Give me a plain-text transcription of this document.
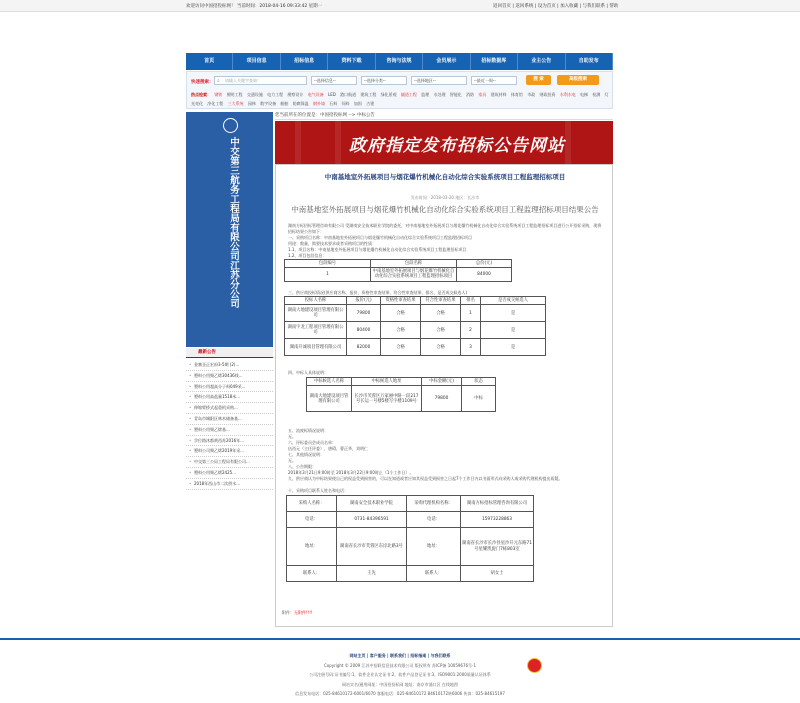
欢迎访问中国招投标网！ 当前时间：2018-04-16 09:33:42 星期一	返回首页 | 返回系统 | 设为首页 | 加入收藏 | 与我们联系 | 帮助
首页	项目信息	招标信息	资料下载	咨询与法规	会员展示	招标数据库	业主公告	自助发布
快速搜索：	⌕ 请输入关键字查询！	--选择信息--	--选择分类--	--选择地区--	--最近一周--	搜 索	高级搜索
热点检索： 钢铁 照明工程 交通设施 电力工程 勘察设计 电气设备 LED 港口航道 建筑工程 绿化景观 隧道工程 监理 水处理 智能化 消防 家具 建筑材料 体育馆 市政 财政投资 水利水电 电梯 检测 灯光亮化 净化工程 三大系统 园林 数字设备 船舶 防腐保温 钢外墙 石料 饲料 加固 古建
中交第三航务工程局有限公司江苏分公司
最新公告
• 金寨圣正宏府3-5期 (2)...
• 塑料公用聚乙烯30436线...
• 塑料公用超高分子料049采...
• 塑料公用高盐量1518米...
• 伸缩臂桥式起重机采购...
• 青岛市城阳区林木储备基...
• 塑料公用聚乙烯基...
• 学位路沐都黄西苏2016年...
• 塑料公司聚乙烯2019年采...
• 中交第三公局工程局有限公司...
• 塑料公用聚乙烯2425...
• 2018年西山市二次供水...
您当前所在的位置是：中国招投标网 --> 中标公告
政府指定发布招标公告网站
中南基地室外拓展项目与烟花爆竹机械化自动化综合实验系统项目工程监理招标项目
发布时间：2018-03-20 地区：长沙市
中南基地室外拓展项目与烟花爆竹机械化自动化综合实验系统项目工程监理招标项目结果公告
湖南方标招标管理咨询有限公司 受湖南安全技术职业学院的委托，对中南基地室外拓展项目与烟花爆竹机械化自动化综合实验系统项目工程监理招标项目进行公开招标采购，现将招标结果公告如下：
一、采购项目名称：中南基地室外拓展项目与烟花爆竹机械化自动化综合实验系统项目工程监理招标项目
用途：数量，简要技术要求或者采购项目的性质：
1.1、项目名称：中南基地室外拓展项目与烟花爆竹机械化自动化综合实验系统项目工程监理招标项目
1.2、项目包段信息：
包段编号	包段名称	总价(元)
1	中南基地室外拓展项目与烟花爆竹机械化自动化综合实验系统项目工程监理招标项目	84000
三、供应商投标情况(供应商名称、报价，资格性审查结果、符合性审查结果、排名、是否成交候选人)
投标人名称	报价(元)	资格性审查结果	符合性审查结果	排名	是否成交候选人
湖南大地建设项目管理有限公司	79800	合格	合格	1	是
湖南宇龙工程项目管理有限公司	80400	合格	合格	2	是
湖南开诚项目管理有限公司	82000	合格	合格	3	是
四、中标人具体说明：
中标候选人名称	中标候选人地址	中标金额(元)	状态
湖南大地建设项目管理有限公司	长沙市芙蓉区万家丽中路一段217号长运一号楼5楼写字楼1109号	79800	中标
五、流废标情况说明：
无。
六、评标委员会成员名单：
伍西元（主任评委），唐碍，曹正华，刘明仁
七、其他情况说明：
无。
八、公告期限：
2018年3月21日9:00时至 2018年3月22日9:00时止（1个工作日）。
九、供应商认为中标结果使自己的权益受到损害的，可以在知道或者应知其权益受到损害之日起7个工作日内以书面形式向采购人或采购代理机构提出质疑。
十、采购项目联系人姓名和电话：
采购人名称：	湖南安全技术职业学院	采购代理机构名称：	湖南方标招标管理咨询有限公司
电话：	0731-84396591	电话：	15973228863
地址：	湖南省长沙市芙蓉区东岸北路3号	地址：	湖南省长沙市长沙县星沙开元东路71号星耀凯旋门7栋803室
联系人：	王先	联系人：	胡女士
附件：无附件!!!!
网站主页 | 客户服务 | 联系我们 | 招标指南 | 与我们联系
Copyright © 2009 江苏中招联信息技术有限公司 版权所有 苏ICP备 10059676号-1
公司注册号码:证书编号:1，软件企业认定证书:2，软件产品登记证书:3，ISO9001:2000质量认证体系
网站实名/通用网址：中国招投标网 地址：南京市浦口区 在线地图
信息发布电话：025-84610172-6001/6070 客服电话：025-84610172 84610172转6006 传真：025-84615197
